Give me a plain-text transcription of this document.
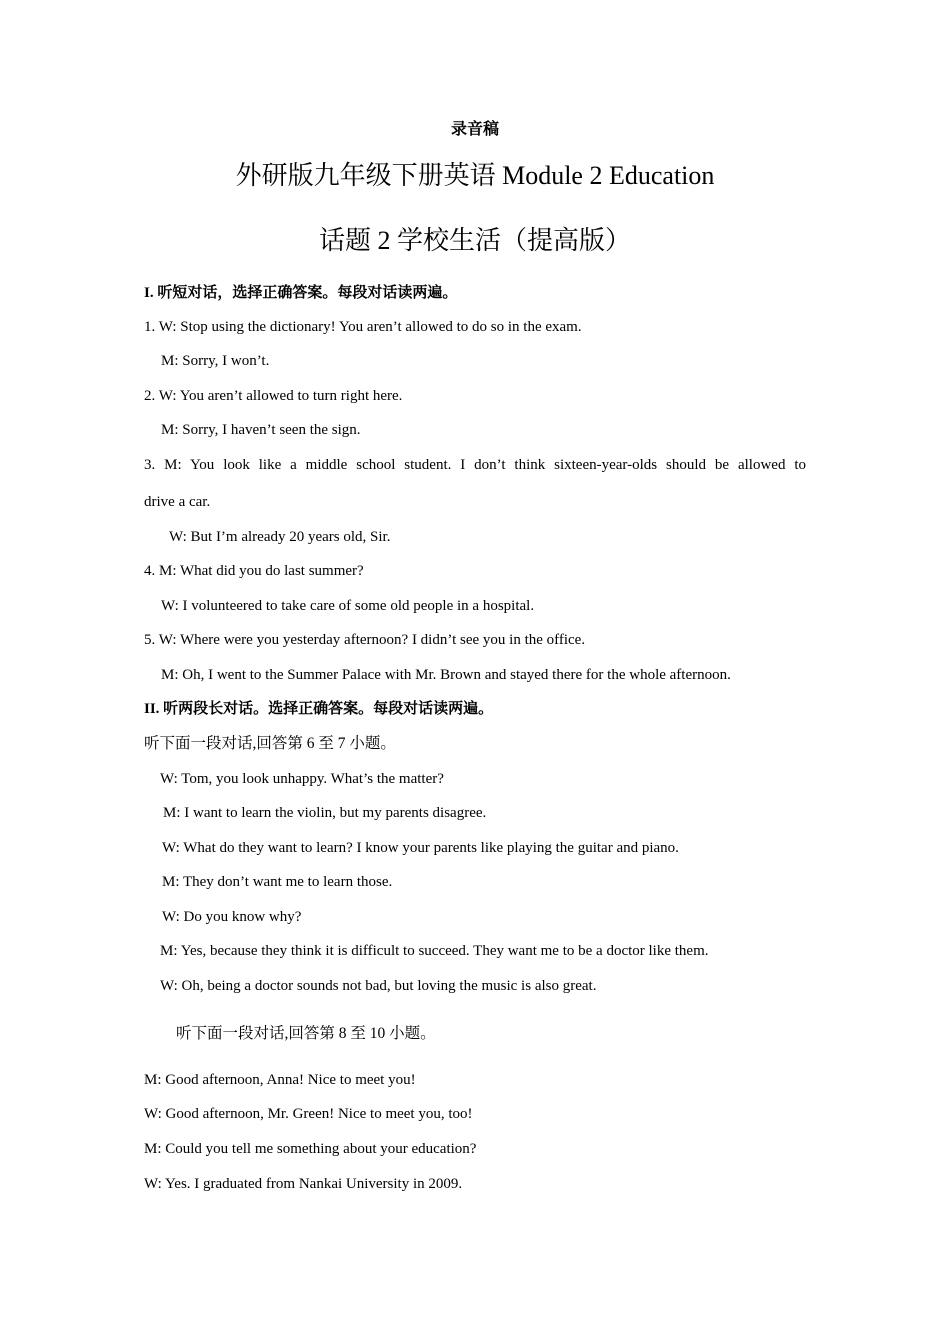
录音稿
外研版九年级下册英语 Module 2 Education
话题 2 学校生活（提高版）
I. 听短对话，选择正确答案。每段对话读两遍。
1. W: Stop using the dictionary! You aren’t allowed to do so in the exam.
M: Sorry, I won’t.
2. W: You aren’t allowed to turn right here.
M: Sorry, I haven’t seen the sign.
3. M: You look like a middle school student. I don’t think sixteen-year-olds should be allowed to
drive a car.
W: But I’m already 20 years old, Sir.
4. M: What did you do last summer?
W: I volunteered to take care of some old people in a hospital.
5. W: Where were you yesterday afternoon? I didn’t see you in the office.
M: Oh, I went to the Summer Palace with Mr. Brown and stayed there for the whole afternoon.
II. 听两段长对话。选择正确答案。每段对话读两遍。
听下面一段对话,回答第 6 至 7 小题。
W: Tom, you look unhappy. What’s the matter?
M: I want to learn the violin, but my parents disagree.
W: What do they want to learn? I know your parents like playing the guitar and piano.
M: They don’t want me to learn those.
W: Do you know why?
M: Yes, because they think it is difficult to succeed. They want me to be a doctor like them.
W: Oh, being a doctor sounds not bad, but loving the music is also great.
听下面一段对话,回答第 8 至 10 小题。
M: Good afternoon, Anna! Nice to meet you!
W: Good afternoon, Mr. Green! Nice to meet you, too!
M: Could you tell me something about your education?
W: Yes. I graduated from Nankai University in 2009.
